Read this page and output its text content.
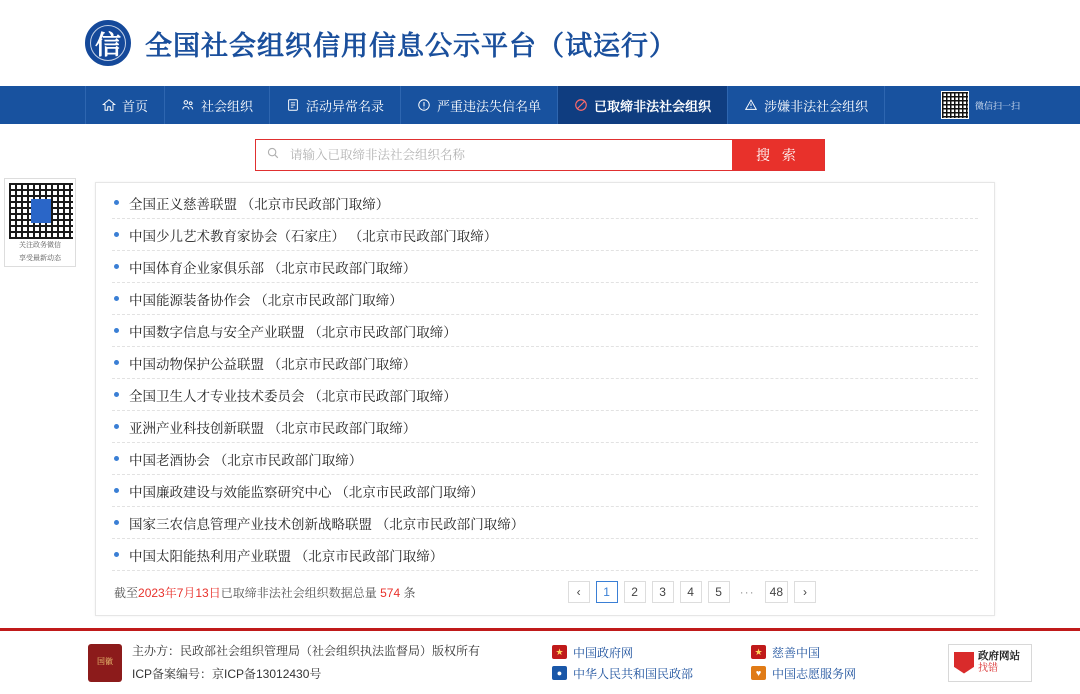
信 全国社会组织信用信息公示平台（试运行）
首页	社会组织	活动异常名录	严重违法失信名单	已取缔非法社会组织	涉嫌非法社会组织	微信扫一扫
请输入已取缔非法社会组织名称
搜 索
关注政务微信
享受最新动态
全国正义慈善联盟 （北京市民政部门取缔）
中国少儿艺术教育家协会（石家庄） （北京市民政部门取缔）
中国体育企业家俱乐部 （北京市民政部门取缔）
中国能源装备协作会 （北京市民政部门取缔）
中国数字信息与安全产业联盟 （北京市民政部门取缔）
中国动物保护公益联盟 （北京市民政部门取缔）
全国卫生人才专业技术委员会 （北京市民政部门取缔）
亚洲产业科技创新联盟 （北京市民政部门取缔）
中国老酒协会 （北京市民政部门取缔）
中国廉政建设与效能监察研究中心 （北京市民政部门取缔）
国家三农信息管理产业技术创新战略联盟 （北京市民政部门取缔）
中国太阳能热利用产业联盟 （北京市民政部门取缔）
截至2023年7月13日已取缔非法社会组织数据总量 574 条	‹	1	2	3	4	5	···	48	›
国徽
主办方：民政部社会组织管理局（社会组织执法监督局）版权所有
ICP备案编号：京ICP备13012430号
★ 中国政府网	★ 慈善中国
● 中华人民共和国民政部	♥ 中国志愿服务网
政府网站
找错
